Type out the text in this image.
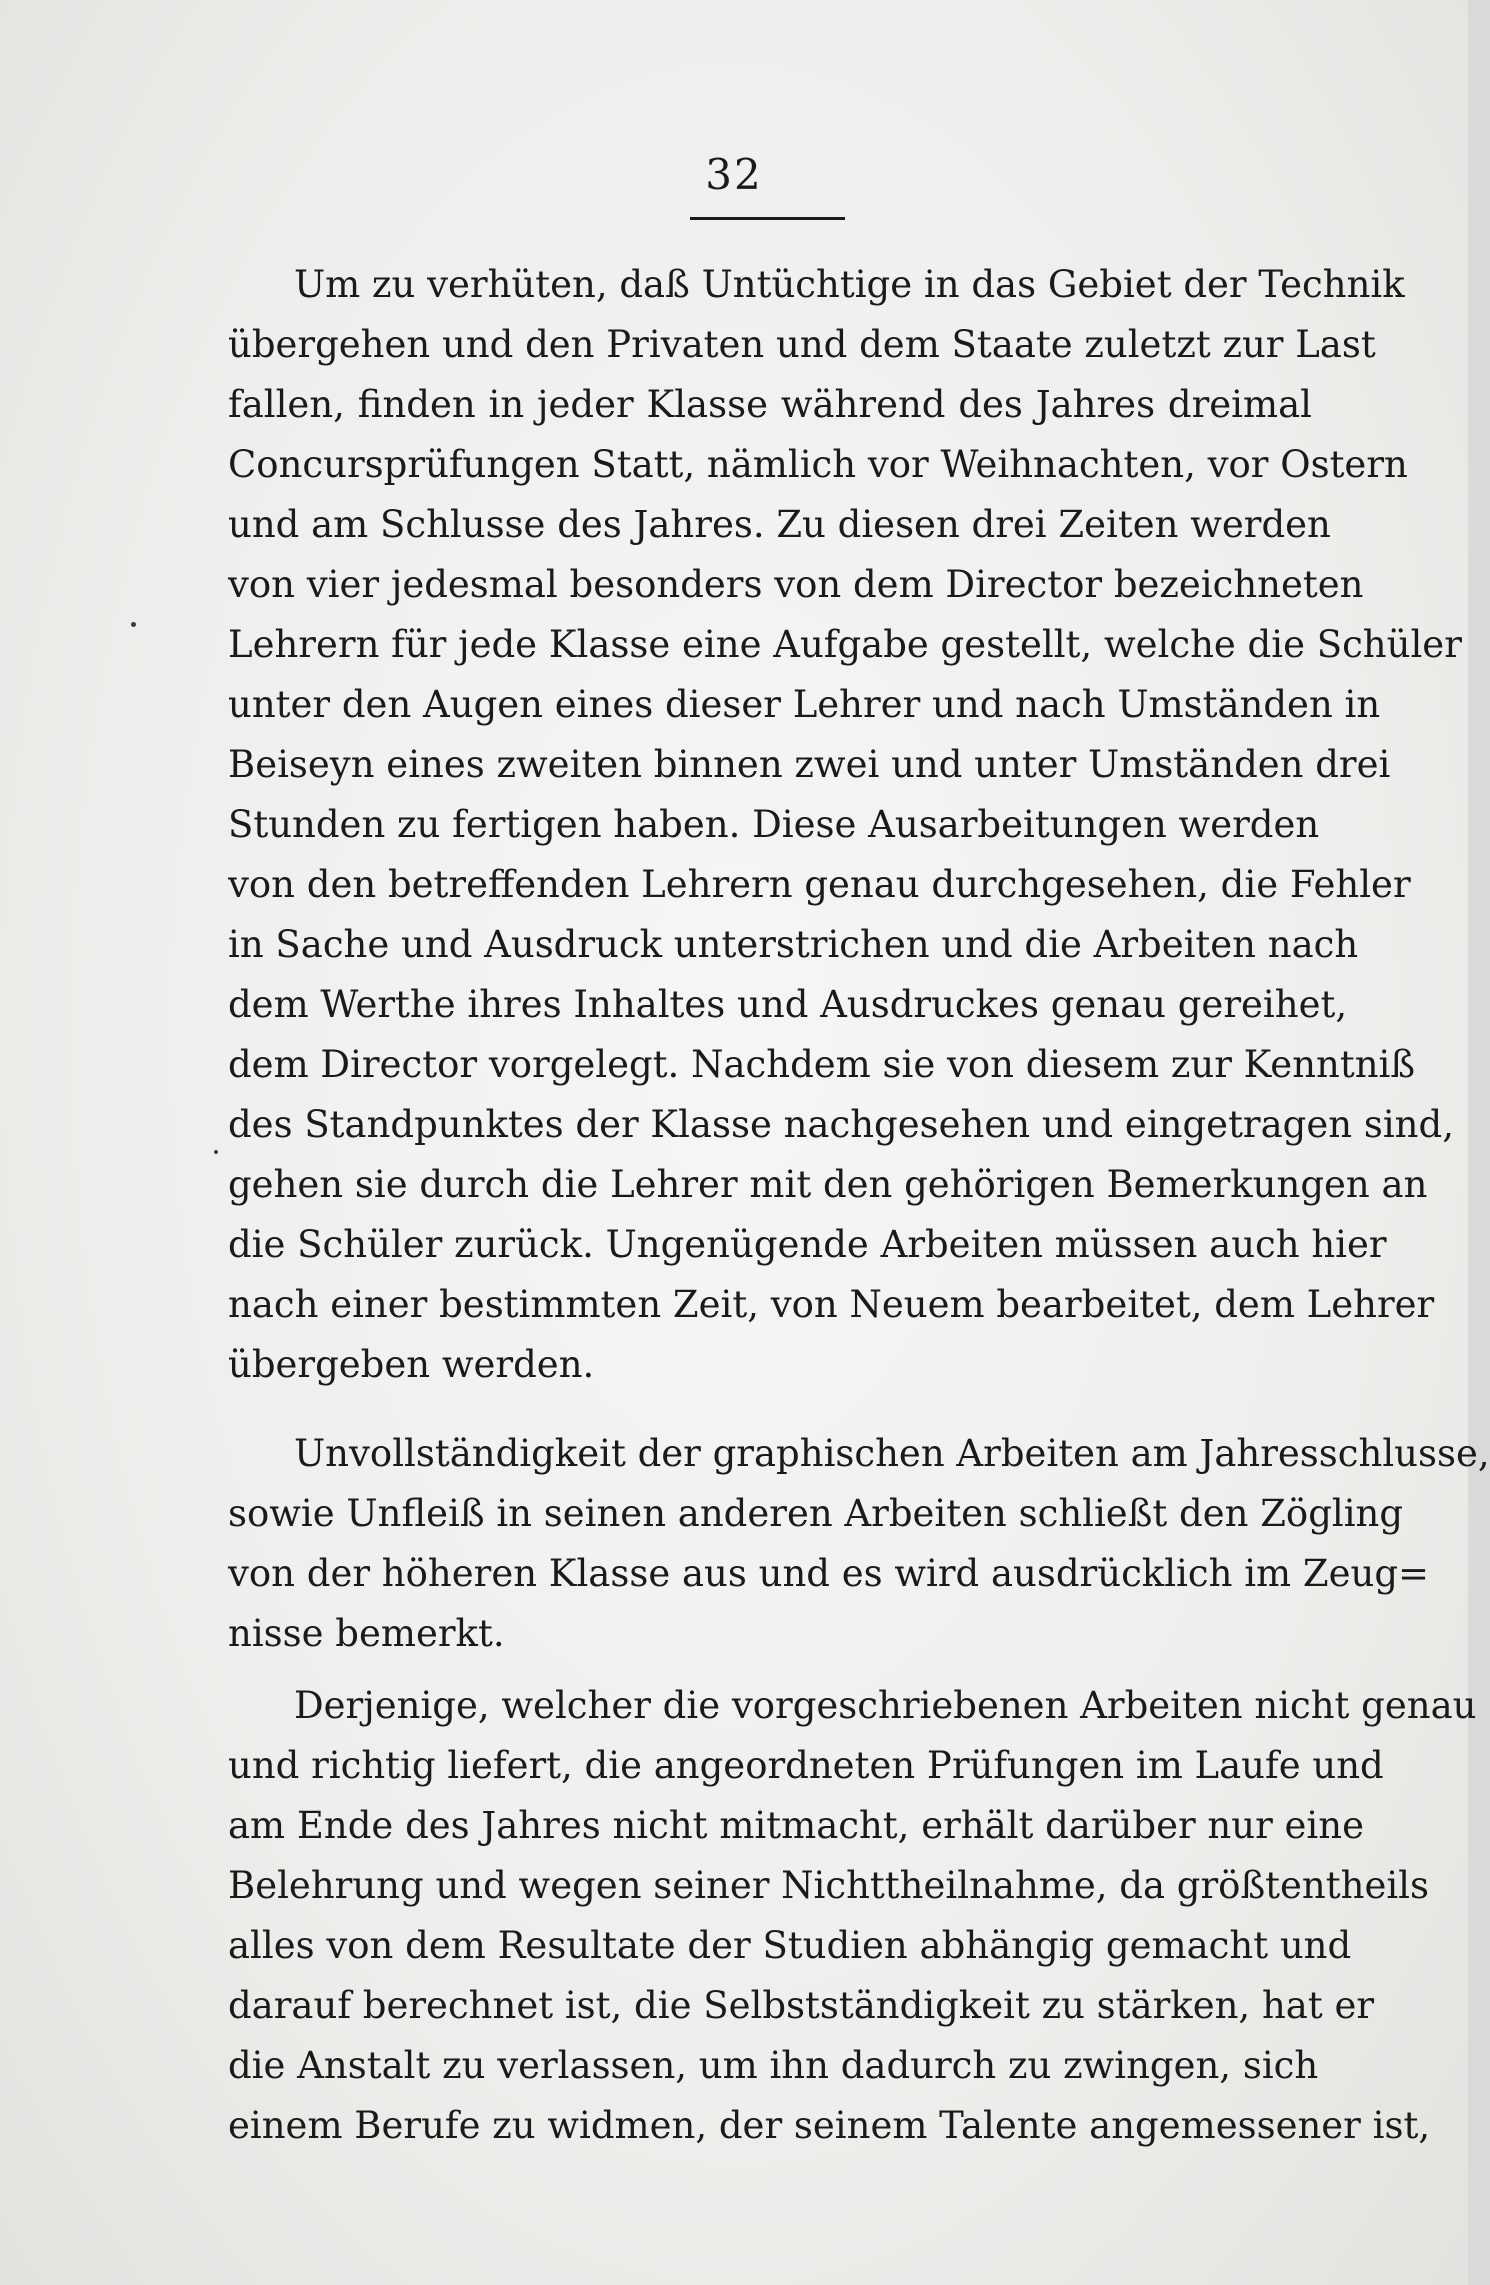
32
Um zu verhüten, daß Untüchtige in das Gebiet der Technik
übergehen und den Privaten und dem Staate zuletzt zur Last
fallen, finden in jeder Klasse während des Jahres dreimal
Concursprüfungen Statt, nämlich vor Weihnachten, vor Ostern
und am Schlusse des Jahres. Zu diesen drei Zeiten werden
von vier jedesmal besonders von dem Director bezeichneten
Lehrern für jede Klasse eine Aufgabe gestellt, welche die Schüler
unter den Augen eines dieser Lehrer und nach Umständen in
Beiseyn eines zweiten binnen zwei und unter Umständen drei
Stunden zu fertigen haben. Diese Ausarbeitungen werden
von den betreffenden Lehrern genau durchgesehen, die Fehler
in Sache und Ausdruck unterstrichen und die Arbeiten nach
dem Werthe ihres Inhaltes und Ausdruckes genau gereihet,
dem Director vorgelegt. Nachdem sie von diesem zur Kenntniß
des Standpunktes der Klasse nachgesehen und eingetragen sind,
gehen sie durch die Lehrer mit den gehörigen Bemerkungen an
die Schüler zurück. Ungenügende Arbeiten müssen auch hier
nach einer bestimmten Zeit, von Neuem bearbeitet, dem Lehrer
übergeben werden.
Unvollständigkeit der graphischen Arbeiten am Jahresschlusse,
sowie Unfleiß in seinen anderen Arbeiten schließt den Zögling
von der höheren Klasse aus und es wird ausdrücklich im Zeug=
nisse bemerkt.
Derjenige, welcher die vorgeschriebenen Arbeiten nicht genau
und richtig liefert, die angeordneten Prüfungen im Laufe und
am Ende des Jahres nicht mitmacht, erhält darüber nur eine
Belehrung und wegen seiner Nichttheilnahme, da größtentheils
alles von dem Resultate der Studien abhängig gemacht und
darauf berechnet ist, die Selbstständigkeit zu stärken, hat er
die Anstalt zu verlassen, um ihn dadurch zu zwingen, sich
einem Berufe zu widmen, der seinem Talente angemessener ist,
